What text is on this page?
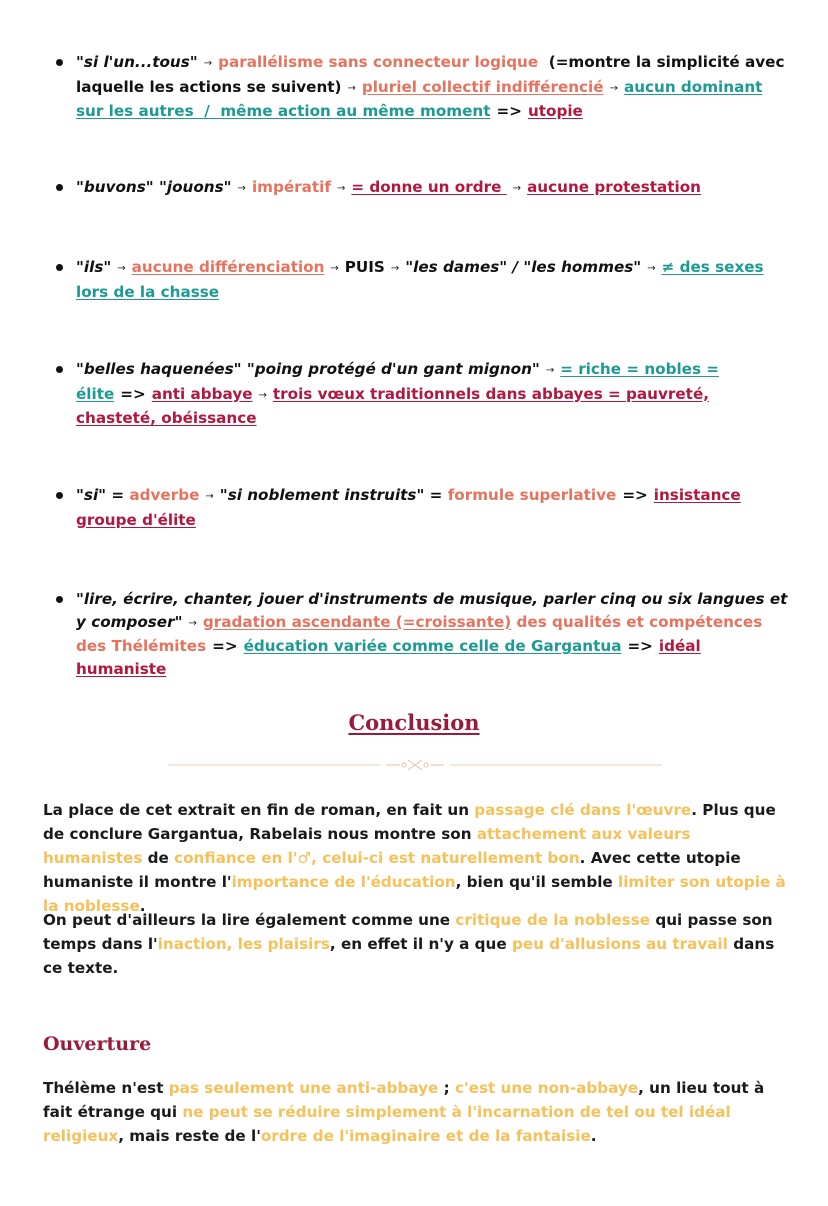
"si l'un...tous" → parallélisme sans connecteur logique (=montre la simplicité avec laquelle les actions se suivent) → pluriel collectif indifférencié → aucun dominant sur les autres / même action au même moment => utopie
"buvons" "jouons" → impératif → = donne un ordre → aucune protestation
"ils" → aucune différenciation → PUIS → "les dames" / "les hommes" → ≠ des sexes lors de la chasse
"belles haquenées" "poing protégé d'un gant mignon" → = riche = nobles = élite => anti abbaye → trois vœux traditionnels dans abbayes = pauvreté, chasteté, obéissance
"si" = adverbe → "si noblement instruits" = formule superlative => insistance groupe d'élite
"lire, écrire, chanter, jouer d'instruments de musique, parler cinq ou six langues et y composer" → gradation ascendante (=croissante) des qualités et compétences des Thélémites => éducation variée comme celle de Gargantua => idéal humaniste
Conclusion
La place de cet extrait en fin de roman, en fait un passage clé dans l'œuvre. Plus que de conclure Gargantua, Rabelais nous montre son attachement aux valeurs humanistes de confiance en l'♂, celui-ci est naturellement bon. Avec cette utopie humaniste il montre l'importance de l'éducation, bien qu'il semble limiter son utopie à la noblesse.
On peut d'ailleurs la lire également comme une critique de la noblesse qui passe son temps dans l'inaction, les plaisirs, en effet il n'y a que peu d'allusions au travail dans ce texte.
Ouverture
Thélème n'est pas seulement une anti-abbaye ; c'est une non-abbaye, un lieu tout à fait étrange qui ne peut se réduire simplement à l'incarnation de tel ou tel idéal religieux, mais reste de l'ordre de l'imaginaire et de la fantaisie.
